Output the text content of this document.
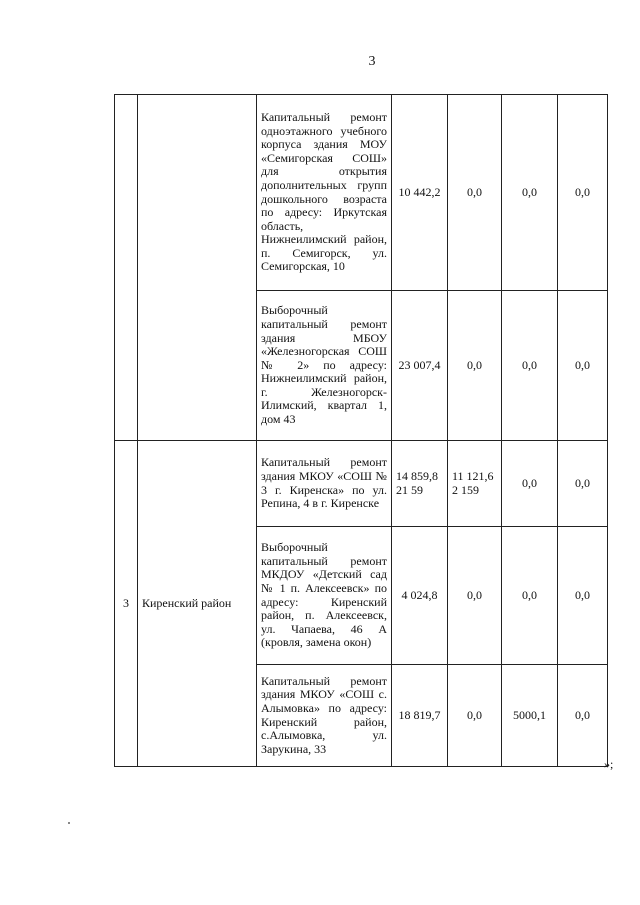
3
		Капитальный ремонт одноэтажного учебного корпуса здания МОУ «Семигорская СОШ» для открытия дополнительных групп дошкольного возраста по адресу: Иркутская область, Нижнеилимский район, п. Семигорск, ул. Семигорская, 10	10 442,2	0,0	0,0	0,0
		Выборочный капитальный ремонт здания МБОУ «Железногорская СОШ № 2» по адресу: Нижнеилимский район, г. Железногорск-Илимский, квартал 1, дом 43	23 007,4	0,0	0,0	0,0
3	Киренский район	Капитальный ремонт здания МКОУ «СОШ № 3 г. Киренска» по ул. Репина, 4 в г. Киренске	14 859,821 59	11 121,62 159	0,0	0,0
		Выборочный капитальный ремонт МКДОУ «Детский сад № 1 п. Алексеевск» по адресу: Киренский район, п. Алексеевск, ул. Чапаева, 46 А (кровля, замена окон)	4 024,8	0,0	0,0	0,0
		Капитальный ремонт здания МКОУ «СОШ с. Алымовка» по адресу: Киренский район, с.Алымовка, ул. Зарукина, 33	18 819,7	0,0	5000,1	0,0
»;
